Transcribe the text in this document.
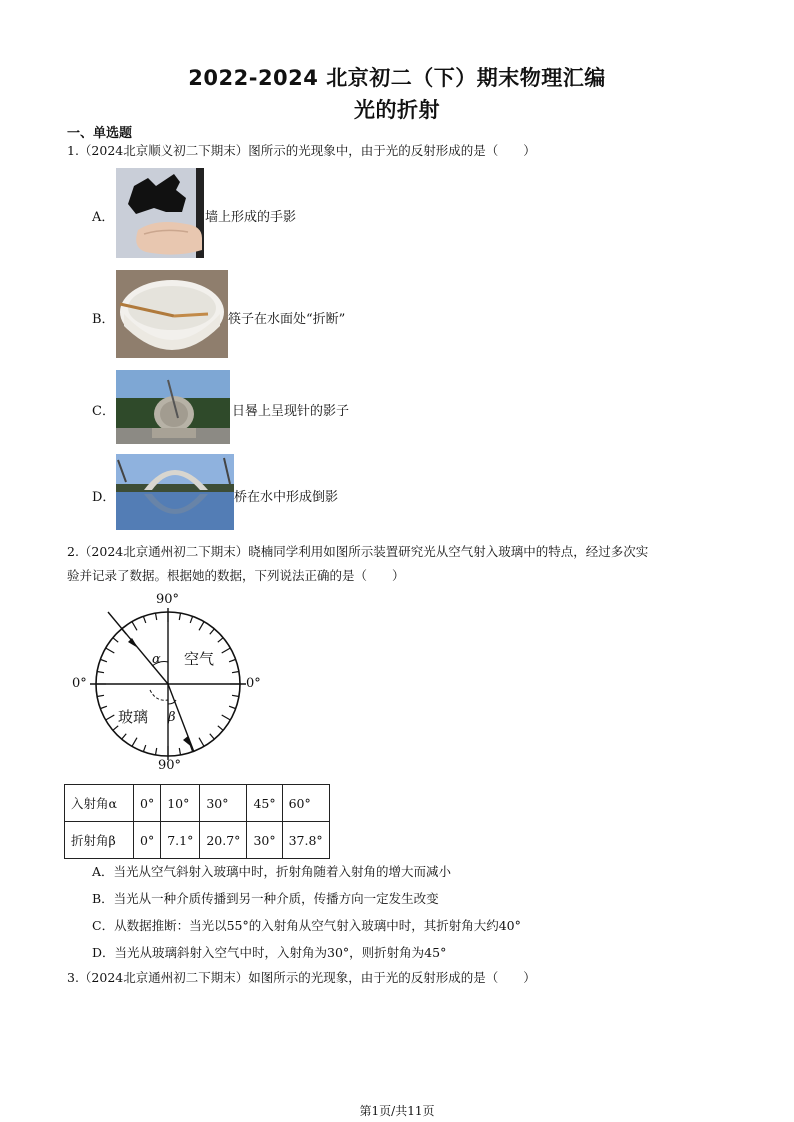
2022-2024 北京初二（下）期末物理汇编
光的折射
一、单选题
1.（2024北京顺义初二下期末）图所示的光现象中，由于光的反射形成的是（　　）
A．	墙上形成的手影
B．	筷子在水面处“折断”
C．	日晷上呈现针的影子
D．	桥在水中形成倒影
2.（2024北京通州初二下期末）晓楠同学利用如图所示装置研究光从空气射入玻璃中的特点，经过多次实
验并记录了数据。根据她的数据，下列说法正确的是（　　）
90°
90°
0°	0°
空气
玻璃
α
β
入射角α	0°	10°	30°	45°	60°
折射角β	0°	7.1°	20.7°	30°	37.8°
A．当光从空气斜射入玻璃中时，折射角随着入射角的增大而减小
B．当光从一种介质传播到另一种介质，传播方向一定发生改变
C．从数据推断：当光以55°的入射角从空气射入玻璃中时，其折射角大约40°
D．当光从玻璃斜射入空气中时，入射角为30°，则折射角为45°
3.（2024北京通州初二下期末）如图所示的光现象，由于光的反射形成的是（　　）
第1页/共11页
